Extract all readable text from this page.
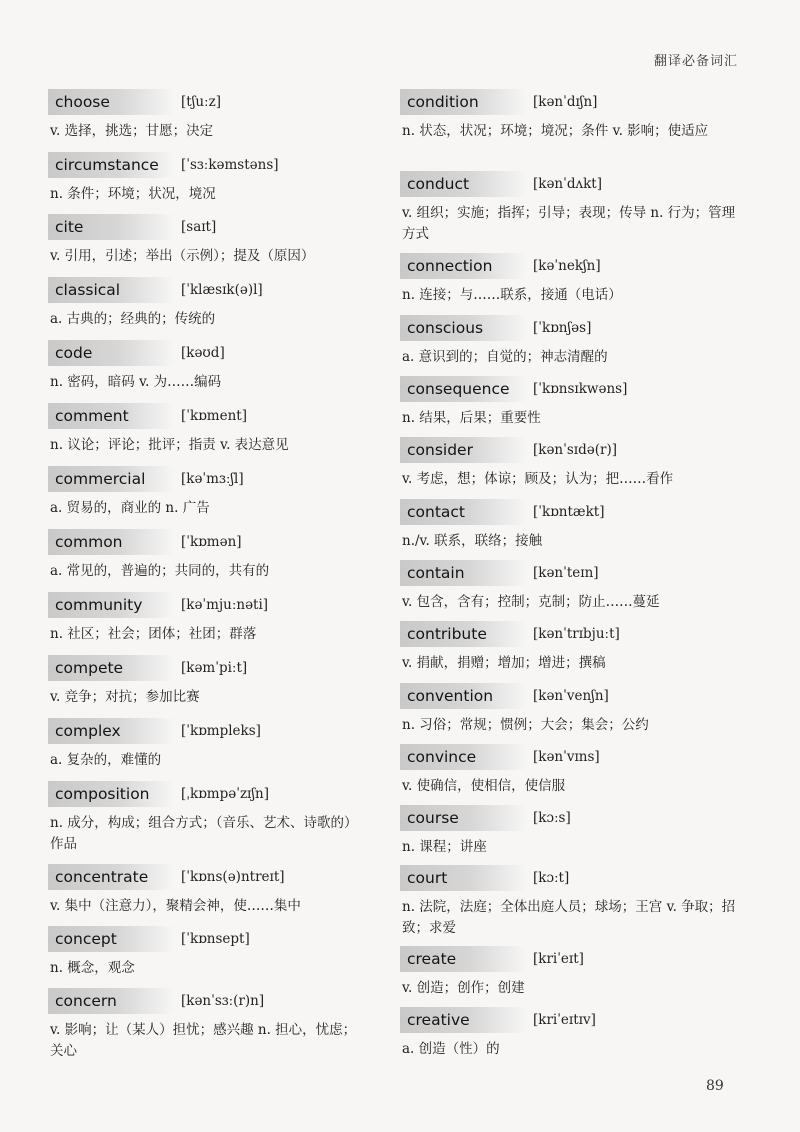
翻译必备词汇
choose	[tʃuːz]
v. 选择，挑选；甘愿；决定
circumstance	[ˈsɜːkəmstəns]
n. 条件；环境；状况，境况
cite	[saɪt]
v. 引用，引述；举出（示例）；提及（原因）
classical	[ˈklæsɪk(ə)l]
a. 古典的；经典的；传统的
code	[kəʊd]
n. 密码，暗码 v. 为……编码
comment	[ˈkɒment]
n. 议论；评论；批评；指责 v. 表达意见
commercial	[kəˈmɜːʃl]
a. 贸易的，商业的 n. 广告
common	[ˈkɒmən]
a. 常见的，普遍的；共同的，共有的
community	[kəˈmjuːnəti]
n. 社区；社会；团体；社团；群落
compete	[kəmˈpiːt]
v. 竞争；对抗；参加比赛
complex	[ˈkɒmpleks]
a. 复杂的，难懂的
composition	[ˌkɒmpəˈzɪʃn]
n. 成分，构成；组合方式；（音乐、艺术、诗歌的）作品
concentrate	[ˈkɒns(ə)ntreɪt]
v. 集中（注意力），聚精会神，使……集中
concept	[ˈkɒnsept]
n. 概念，观念
concern	[kənˈsɜː(r)n]
v. 影响；让（某人）担忧；感兴趣 n. 担心，忧虑；关心
condition	[kənˈdɪʃn]
n. 状态，状况；环境；境况；条件 v. 影响；使适应
conduct	[kənˈdʌkt]
v. 组织；实施；指挥；引导；表现；传导 n. 行为；管理方式
connection	[kəˈnekʃn]
n. 连接；与……联系，接通（电话）
conscious	[ˈkɒnʃəs]
a. 意识到的；自觉的；神志清醒的
consequence	[ˈkɒnsɪkwəns]
n. 结果，后果；重要性
consider	[kənˈsɪdə(r)]
v. 考虑，想；体谅；顾及；认为；把……看作
contact	[ˈkɒntækt]
n./v. 联系，联络；接触
contain	[kənˈteɪn]
v. 包含，含有；控制；克制；防止……蔓延
contribute	[kənˈtrɪbjuːt]
v. 捐献，捐赠；增加；增进；撰稿
convention	[kənˈvenʃn]
n. 习俗；常规；惯例；大会；集会；公约
convince	[kənˈvɪns]
v. 使确信，使相信，使信服
course	[kɔːs]
n. 课程；讲座
court	[kɔːt]
n. 法院，法庭；全体出庭人员；球场；王宫 v. 争取；招致；求爱
create	[kriˈeɪt]
v. 创造；创作；创建
creative	[kriˈeɪtɪv]
a. 创造（性）的
89
